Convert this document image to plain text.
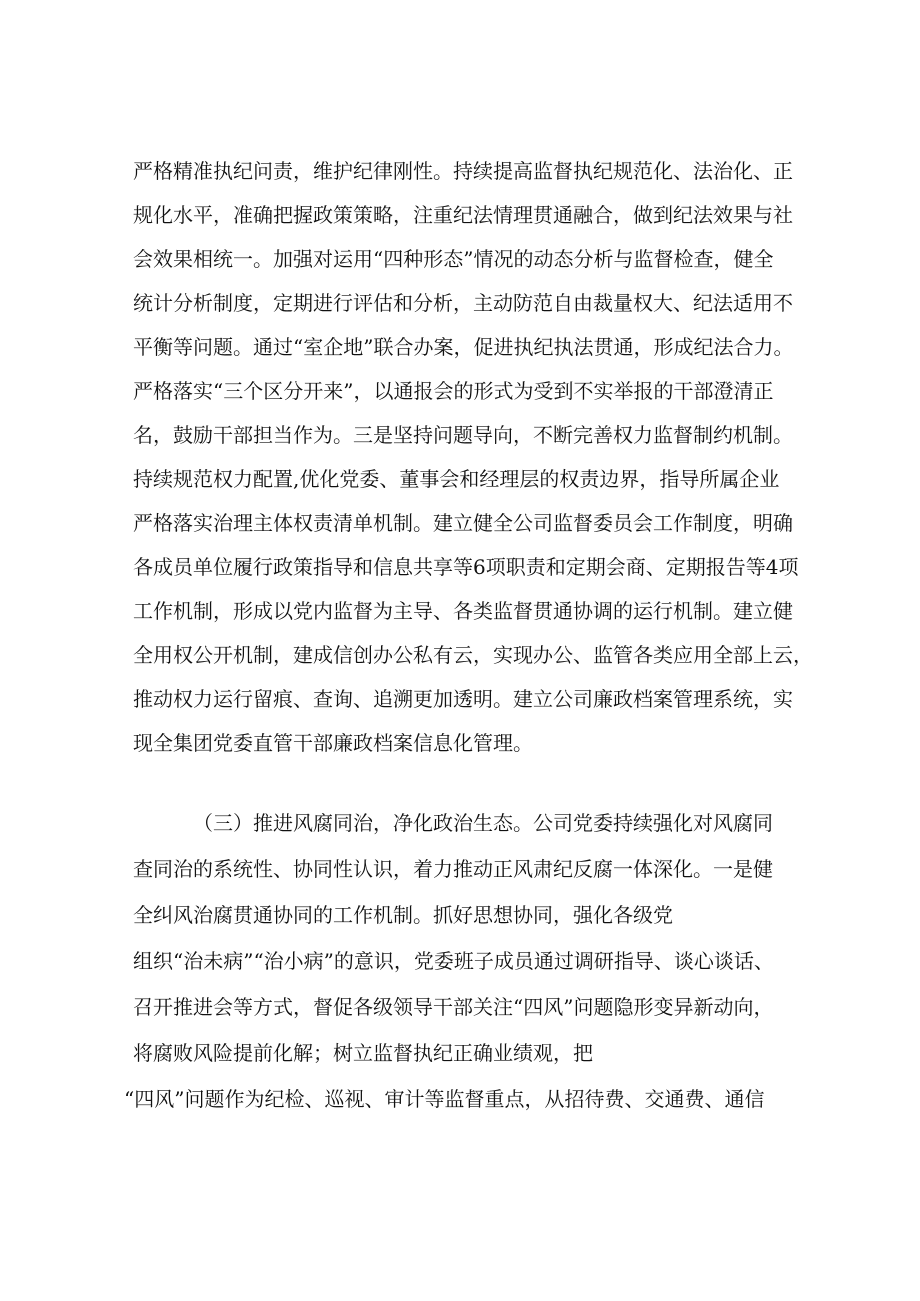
严格精准执纪问责，维护纪律刚性。持续提高监督执纪规范化、法治化、正
规化水平，准确把握政策策略，注重纪法情理贯通融合，做到纪法效果与社
会效果相统一。加强对运用“四种形态”情况的动态分析与监督检查，健全
统计分析制度，定期进行评估和分析，主动防范自由裁量权大、纪法适用不
平衡等问题。通过“室企地”联合办案，促进执纪执法贯通，形成纪法合力。
严格落实“三个区分开来”，以通报会的形式为受到不实举报的干部澄清正
名，鼓励干部担当作为。三是坚持问题导向，不断完善权力监督制约机制。
持续规范权力配置,优化党委、董事会和经理层的权责边界，指导所属企业
严格落实治理主体权责清单机制。建立健全公司监督委员会工作制度，明确
各成员单位履行政策指导和信息共享等6项职责和定期会商、定期报告等4项
工作机制，形成以党内监督为主导、各类监督贯通协调的运行机制。建立健
全用权公开机制，建成信创办公私有云，实现办公、监管各类应用全部上云，
推动权力运行留痕、查询、追溯更加透明。建立公司廉政档案管理系统，实
现全集团党委直管干部廉政档案信息化管理。
（三）推进风腐同治，净化政治生态。公司党委持续强化对风腐同
查同治的系统性、协同性认识，着力推动正风肃纪反腐一体深化。一是健
全纠风治腐贯通协同的工作机制。抓好思想协同，强化各级党
组织“治未病”“治小病”的意识，党委班子成员通过调研指导、谈心谈话、
召开推进会等方式，督促各级领导干部关注“四风”问题隐形变异新动向，
将腐败风险提前化解；树立监督执纪正确业绩观，把
“四风”问题作为纪检、巡视、审计等监督重点，从招待费、交通费、通信
